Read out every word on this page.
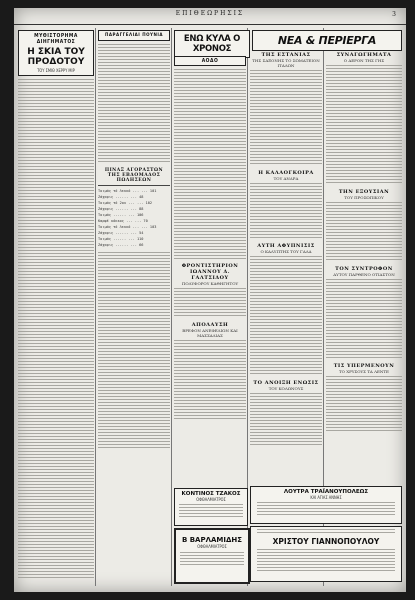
ΕΠΙΘΕΩΡΗΣΙΣ	3
ΜΥΘΙΣΤΟΡΗΜΑ ΔΙΗΓΗΜΑΤΟΣ
Η ΣΚΙΑ ΤΟΥ ΠΡΟΔΟΤΟΥ
ΤΟΥ ΣΜΙΘ ΧΕΡΡΥ ΜΙΡ
ΠΑΡΑΓΓΕΛΙΑΙ ΠΟΥΝΙΑ
ΠΙΝΑΞ ΑΓΟΡΑΣΤΩΝ ΤΗΣ ΕΒΔΟΜΑΔΟΣ ΠΩΛΗΣΕΩΝ
Τοιμάς τό Λευκό ... ... 101
Ζάχαρις ...... ... 48
Τοιμάς τό 2ον ... ... 102
Ζάχαρις ...... ... 88
Τοιμάς ...... ... 106
Καρφέ κόκκος ... ... 70
Τοιμάς τό Λευκό ... ... 103
Ζάχαρις ...... ... 54
Τοιμάς ...... ... 110
Ζάχαρις ...... ... 66
ΕΝΩ ΚΥΛΑ Ο ΧΡΟΝΟΣ
ΑΟΔΟ
ΦΡΟΝΤΙΣΤΗΡΙΟΝ ΙΩΑΝΝΟΥ Δ. ΓΑΛΤΣΙΔΟΥ
ΠΟΛΥΦΟΡΟΥ ΚΑΘΗΓΗΤΟΥ
ΑΠΟΛΑΥΣΗ
ΒΡΕΦΟΝ ΑΝΕΦΕΛΙΩΝ ΚΑΙ ΜΑΣΣΑΛΙΑΣ
ΝΕΑ & ΠΕΡΙΕΡΓΑ
ΤΗΣ ΕΣΤΑΝΙΑΣ
ΤΗΣ ΣΑΞΟΝΗΣ ΤΟ ΣΩΜΑΤΕΙΟΝ ΙΤΑΛΩΝ
Η ΚΑΛΑΟΓΚΟΙΡΑ
ΤΟΥ ΑΝΔΡΑ
ΑΥΤΗ ΑΦΥΠΝΙΣΙΣ
Ο ΚΑΛΥΠΤΗΣ ΤΟΥ ΓΑΛΑ
ΤΟ ΑΝΟΙΞΗ ΕΝΩΣΙΣ
ΤΟΥ ΚΟΛΩΝΟΥΣ
ΣΥΝΑΓΩΓΗΜΑΤΑ
Ο ΑΕΡΟΝ ΤΗΣ ΓΗΣ
ΤΗΝ ΕΞΟΥΣΙΑΝ
ΤΟΥ ΠΡΟΣΩΠΙΚΟΥ
ΤΟΝ ΣΥΝΤΡΟΦΟΝ
ΑΥΤΟΥ ΠΑΡΘΕΝΟ ΟΤΙΑΣΤΟΝ
ΤΙΣ ΥΠΕΡΜΕΝΟΥΝ
ΤΟ ΧΡΥΣΟΥΣ ΤΑ ΛΕΝΤΕ
ΚΟΝΤΙΝΟΣ ΤΖΑΚΟΣ
ΟΦΘΑΛΜΙΑΤΡΟΣ
Β ΒΑΡΛΑΜΙΔΗΣ
ΟΦΘΑΛΜΙΑΤΡΟΣ
ΛΟΥΤΡΑ ΤΡΑΪΑΝΟΥΠΟΛΕΩΣ
ΚΑΙ ΑΓΙΑΣ ΑΝΝΗΣ
ΧΡΙΣΤΟΥ ΓΙΑΝΝΟΠΟΥΛΟΥ
